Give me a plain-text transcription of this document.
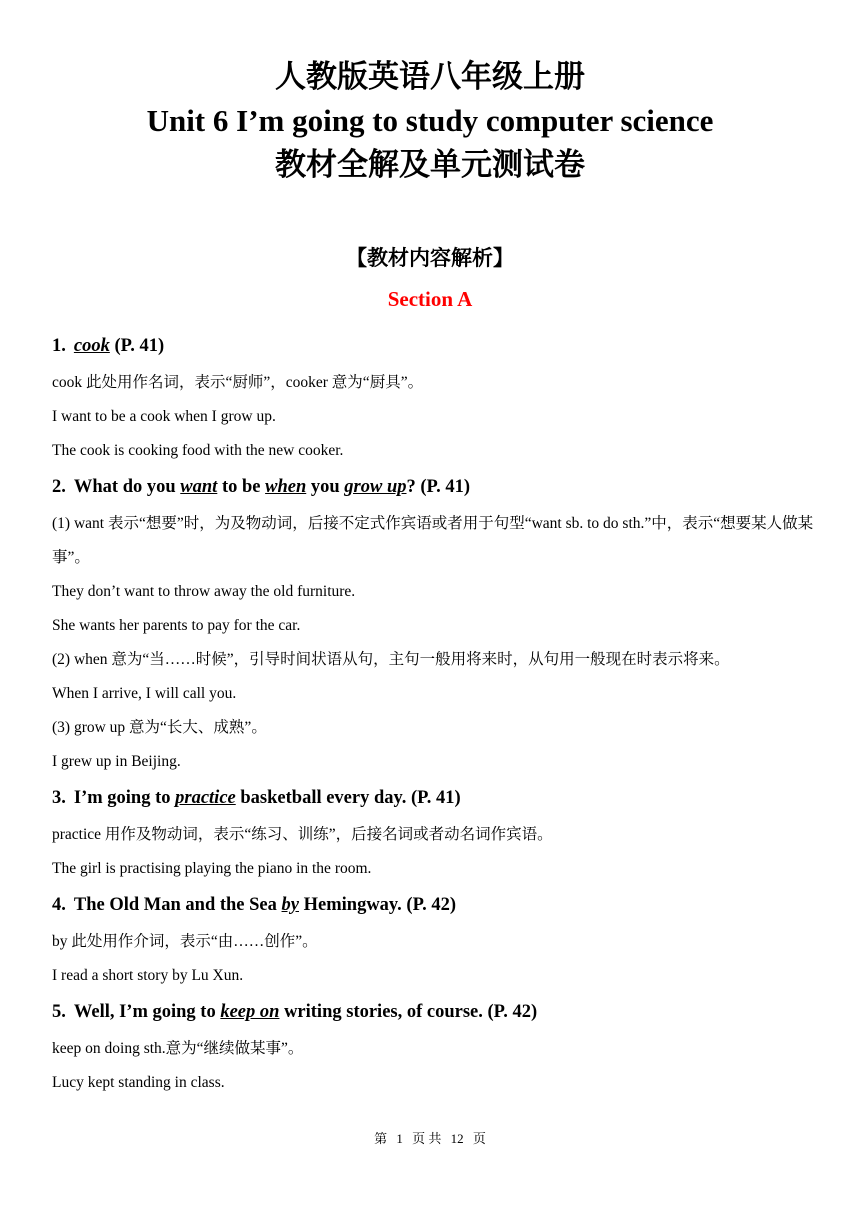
人教版英语八年级上册
Unit 6 I’m going to study computer science
教材全解及单元测试卷
【教材内容解析】
Section A
1. cook (P. 41)

cook 此处用作名词，表示“厨师”，cooker 意为“厨具”。

I want to be a cook when I grow up.

The cook is cooking food with the new cooker.

2. What do you want to be when you grow up? (P. 41)

(1) want 表示“想要”时，为及物动词，后接不定式作宾语或者用于句型“want sb. to do sth.”中，表示“想要某人做某事”。

They don’t want to throw away the old furniture.

She wants her parents to pay for the car.

(2) when 意为“当……时候”，引导时间状语从句，主句一般用将来时，从句用一般现在时表示将来。

When I arrive, I will call you.

(3) grow up 意为“长大、成熟”。

I grew up in Beijing.

3. I’m going to practice basketball every day. (P. 41)

practice 用作及物动词，表示“练习、训练”，后接名词或者动名词作宾语。

The girl is practising playing the piano in the room.

4. The Old Man and the Sea by Hemingway. (P. 42)

by 此处用作介词，表示“由……创作”。

I read a short story by Lu Xun.

5. Well, I’m going to keep on writing stories, of course. (P. 42)

keep on doing sth.意为“继续做某事”。

Lucy kept standing in class.

第 1 页 共 12 页
